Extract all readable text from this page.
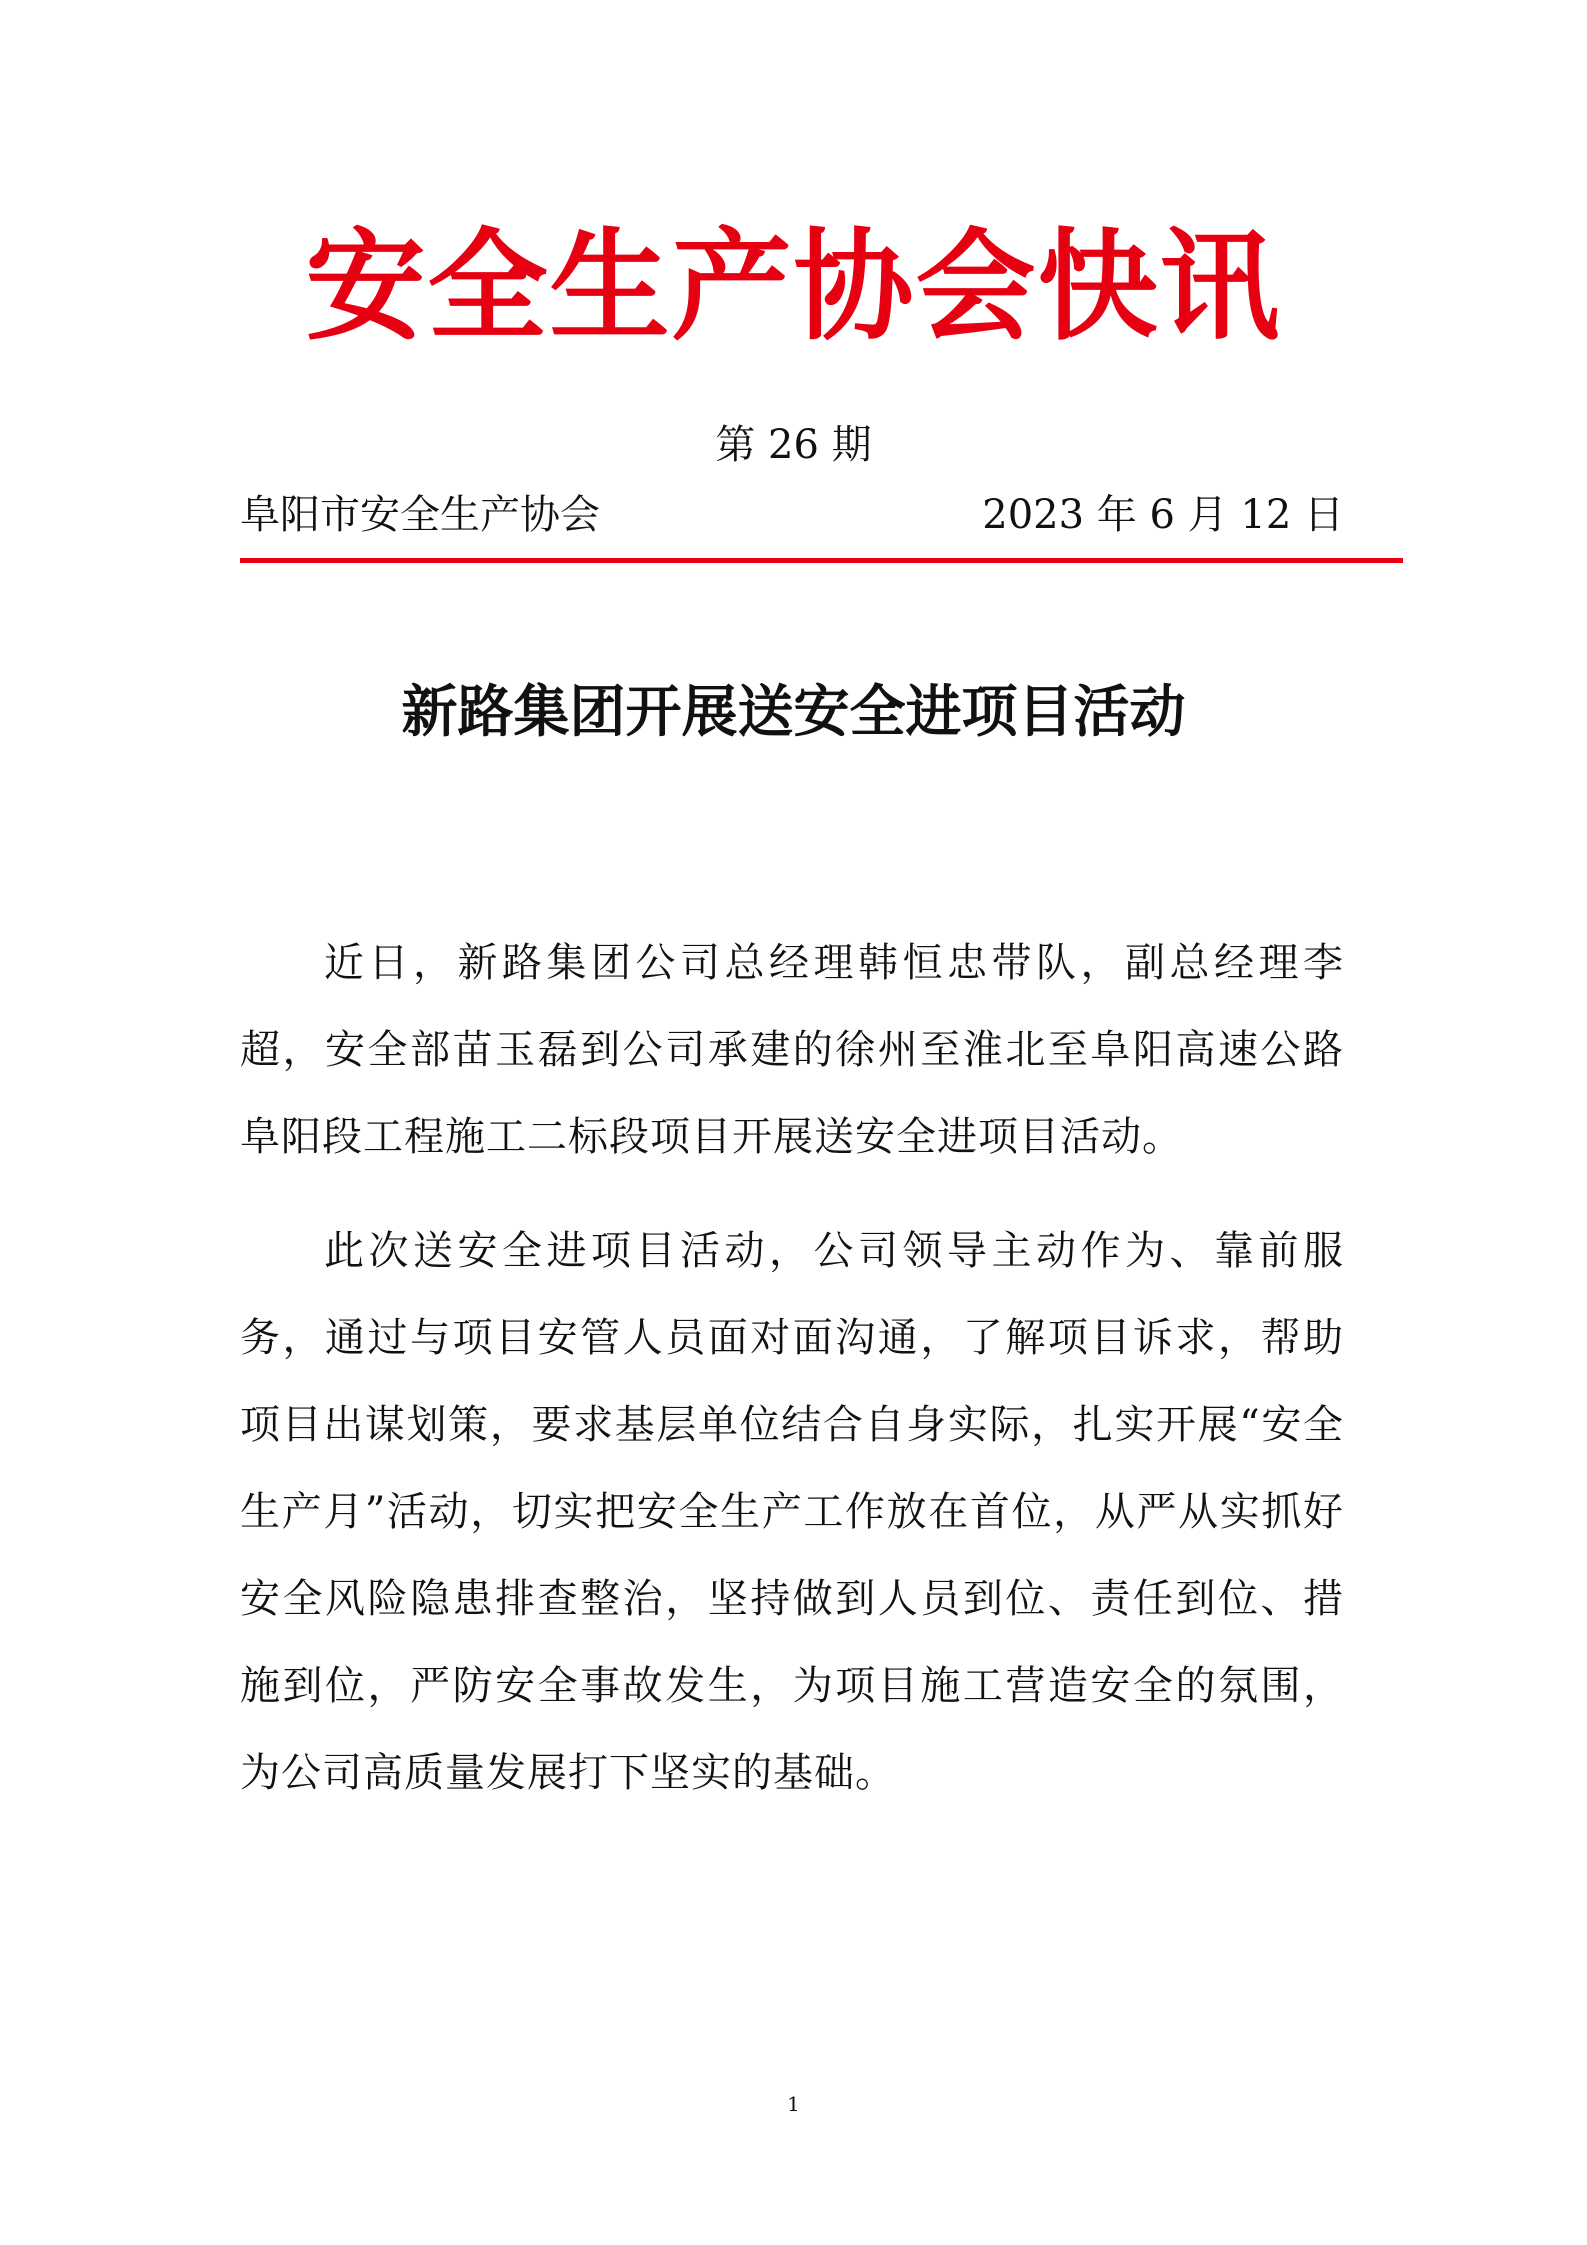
安全生产协会快讯
第 26 期
阜阳市安全生产协会	2023 年 6 月 12 日
新路集团开展送安全进项目活动

近日，新路集团公司总经理韩恒忠带队，副总经理李超，安全部苗玉磊到公司承建的徐州至淮北至阜阳高速公路阜阳段工程施工二标段项目开展送安全进项目活动。

此次送安全进项目活动，公司领导主动作为、靠前服务，通过与项目安管人员面对面沟通，了解项目诉求，帮助项目出谋划策，要求基层单位结合自身实际，扎实开展“安全生产月”活动，切实把安全生产工作放在首位，从严从实抓好安全风险隐患排查整治，坚持做到人员到位、责任到位、措施到位，严防安全事故发生，为项目施工营造安全的氛围，为公司高质量发展打下坚实的基础。

1
